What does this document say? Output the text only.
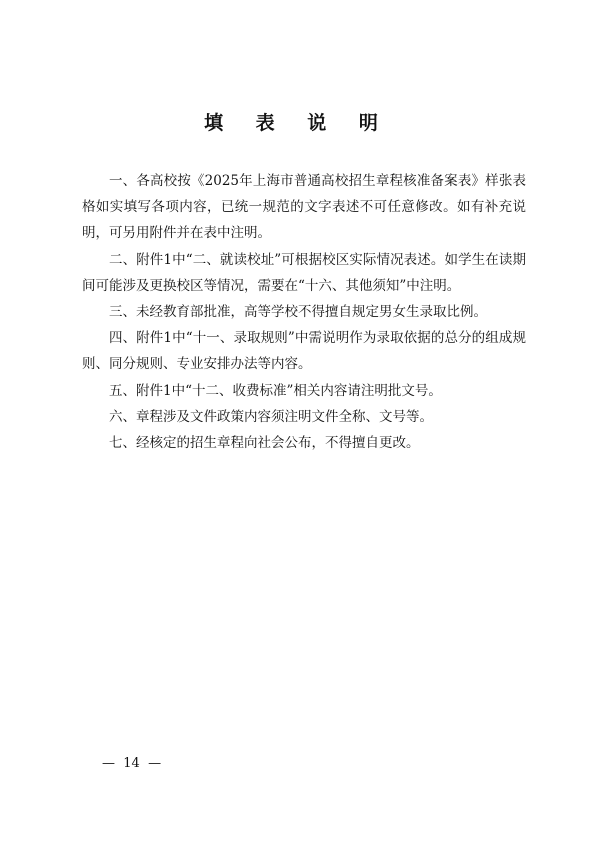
填 表 说 明

一、各高校按《2025年上海市普通高校招生章程核准备案表》样张表格如实填写各项内容，已统一规范的文字表述不可任意修改。如有补充说明，可另用附件并在表中注明。

二、附件1中“二、就读校址”可根据校区实际情况表述。如学生在读期间可能涉及更换校区等情况，需要在“十六、其他须知”中注明。

三、未经教育部批准，高等学校不得擅自规定男女生录取比例。

四、附件1中“十一、录取规则”中需说明作为录取依据的总分的组成规则、同分规则、专业安排办法等内容。

五、附件1中“十二、收费标准”相关内容请注明批文号。

六、章程涉及文件政策内容须注明文件全称、文号等。

七、经核定的招生章程向社会公布，不得擅自更改。

—  14  —
